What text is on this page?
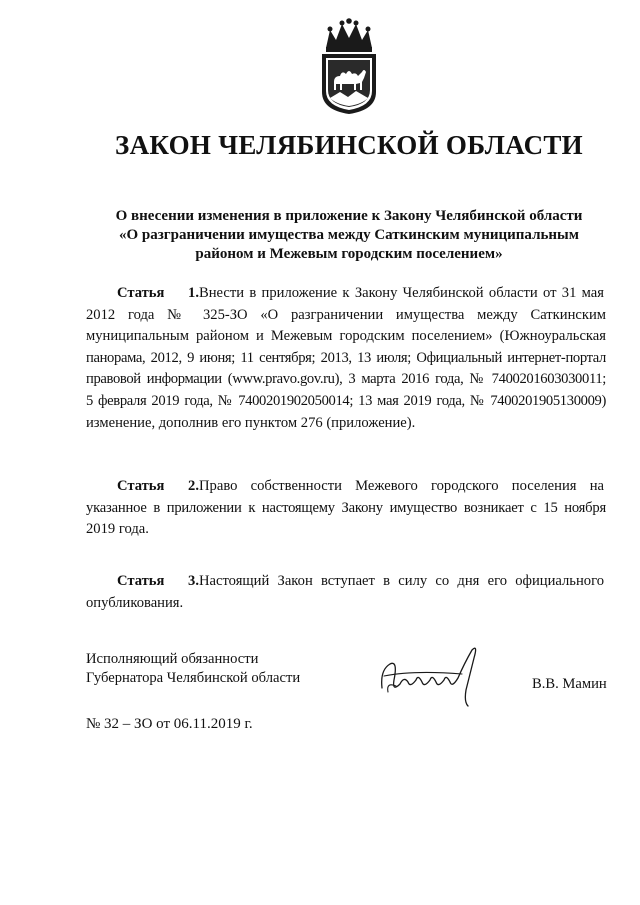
ЗАКОН ЧЕЛЯБИНСКОЙ ОБЛАСТИ
О внесении изменения в приложение к Закону Челябинской области
«О разграничении имущества между Саткинским муниципальным
районом и Межевым городским поселением»
Статья 1.Внести в приложение к Закону Челябинской области от 31 мая
2012 года № 325-ЗО «О разграничении имущества между Саткинским
муниципальным районом и Межевым городским поселением» (Южноуральская
панорама, 2012, 9 июня; 11 сентября; 2013, 13 июля; Официальный интернет-портал
правовой информации (www.pravo.gov.ru), 3 марта 2016 года, № 7400201603030011;
5 февраля 2019 года, № 7400201902050014; 13 мая 2019 года, № 7400201905130009)
изменение, дополнив его пунктом 276 (приложение).
Статья 2.Право собственности Межевого городского поселения на
указанное в приложении к настоящему Закону имущество возникает с 15 ноября
2019 года.
Статья 3.Настоящий Закон вступает в силу со дня его официального
опубликования.
Исполняющий обязанности
Губернатора Челябинской области	В.В. Мамин
№ 32 – ЗО от 06.11.2019 г.
